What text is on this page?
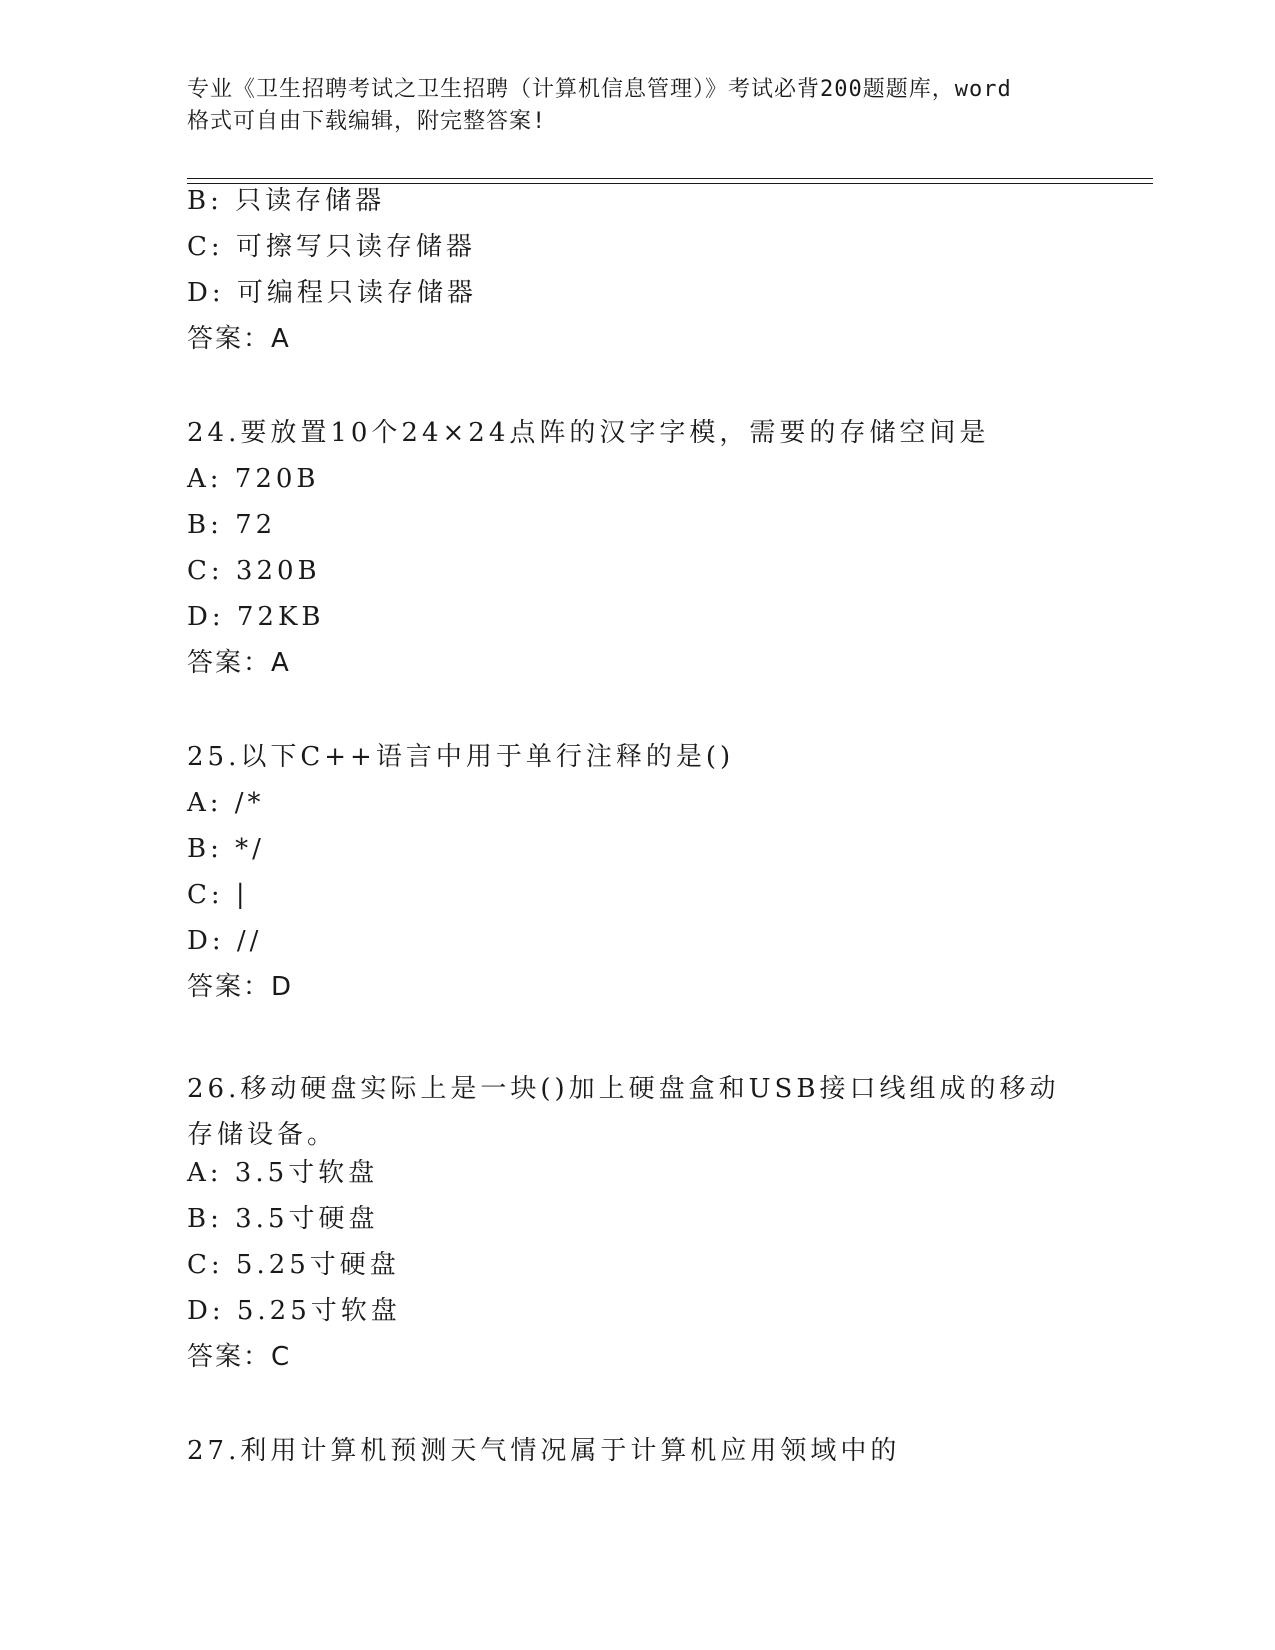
专业《卫生招聘考试之卫生招聘（计算机信息管理）》考试必背200题题库，word
格式可自由下载编辑，附完整答案!
B: 只读存储器
C: 可擦写只读存储器
D: 可编程只读存储器
答案：A
24.要放置10个24×24点阵的汉字字模，需要的存储空间是
A: 720B
B: 72
C: 320B
D: 72KB
答案：A
25.以下C++语言中用于单行注释的是()
A: /*
B: */
C: |
D: //
答案：D
26.移动硬盘实际上是一块()加上硬盘盒和USB接口线组成的移动存储设备。
A: 3.5寸软盘
B: 3.5寸硬盘
C: 5.25寸硬盘
D: 5.25寸软盘
答案：C
27.利用计算机预测天气情况属于计算机应用领域中的
